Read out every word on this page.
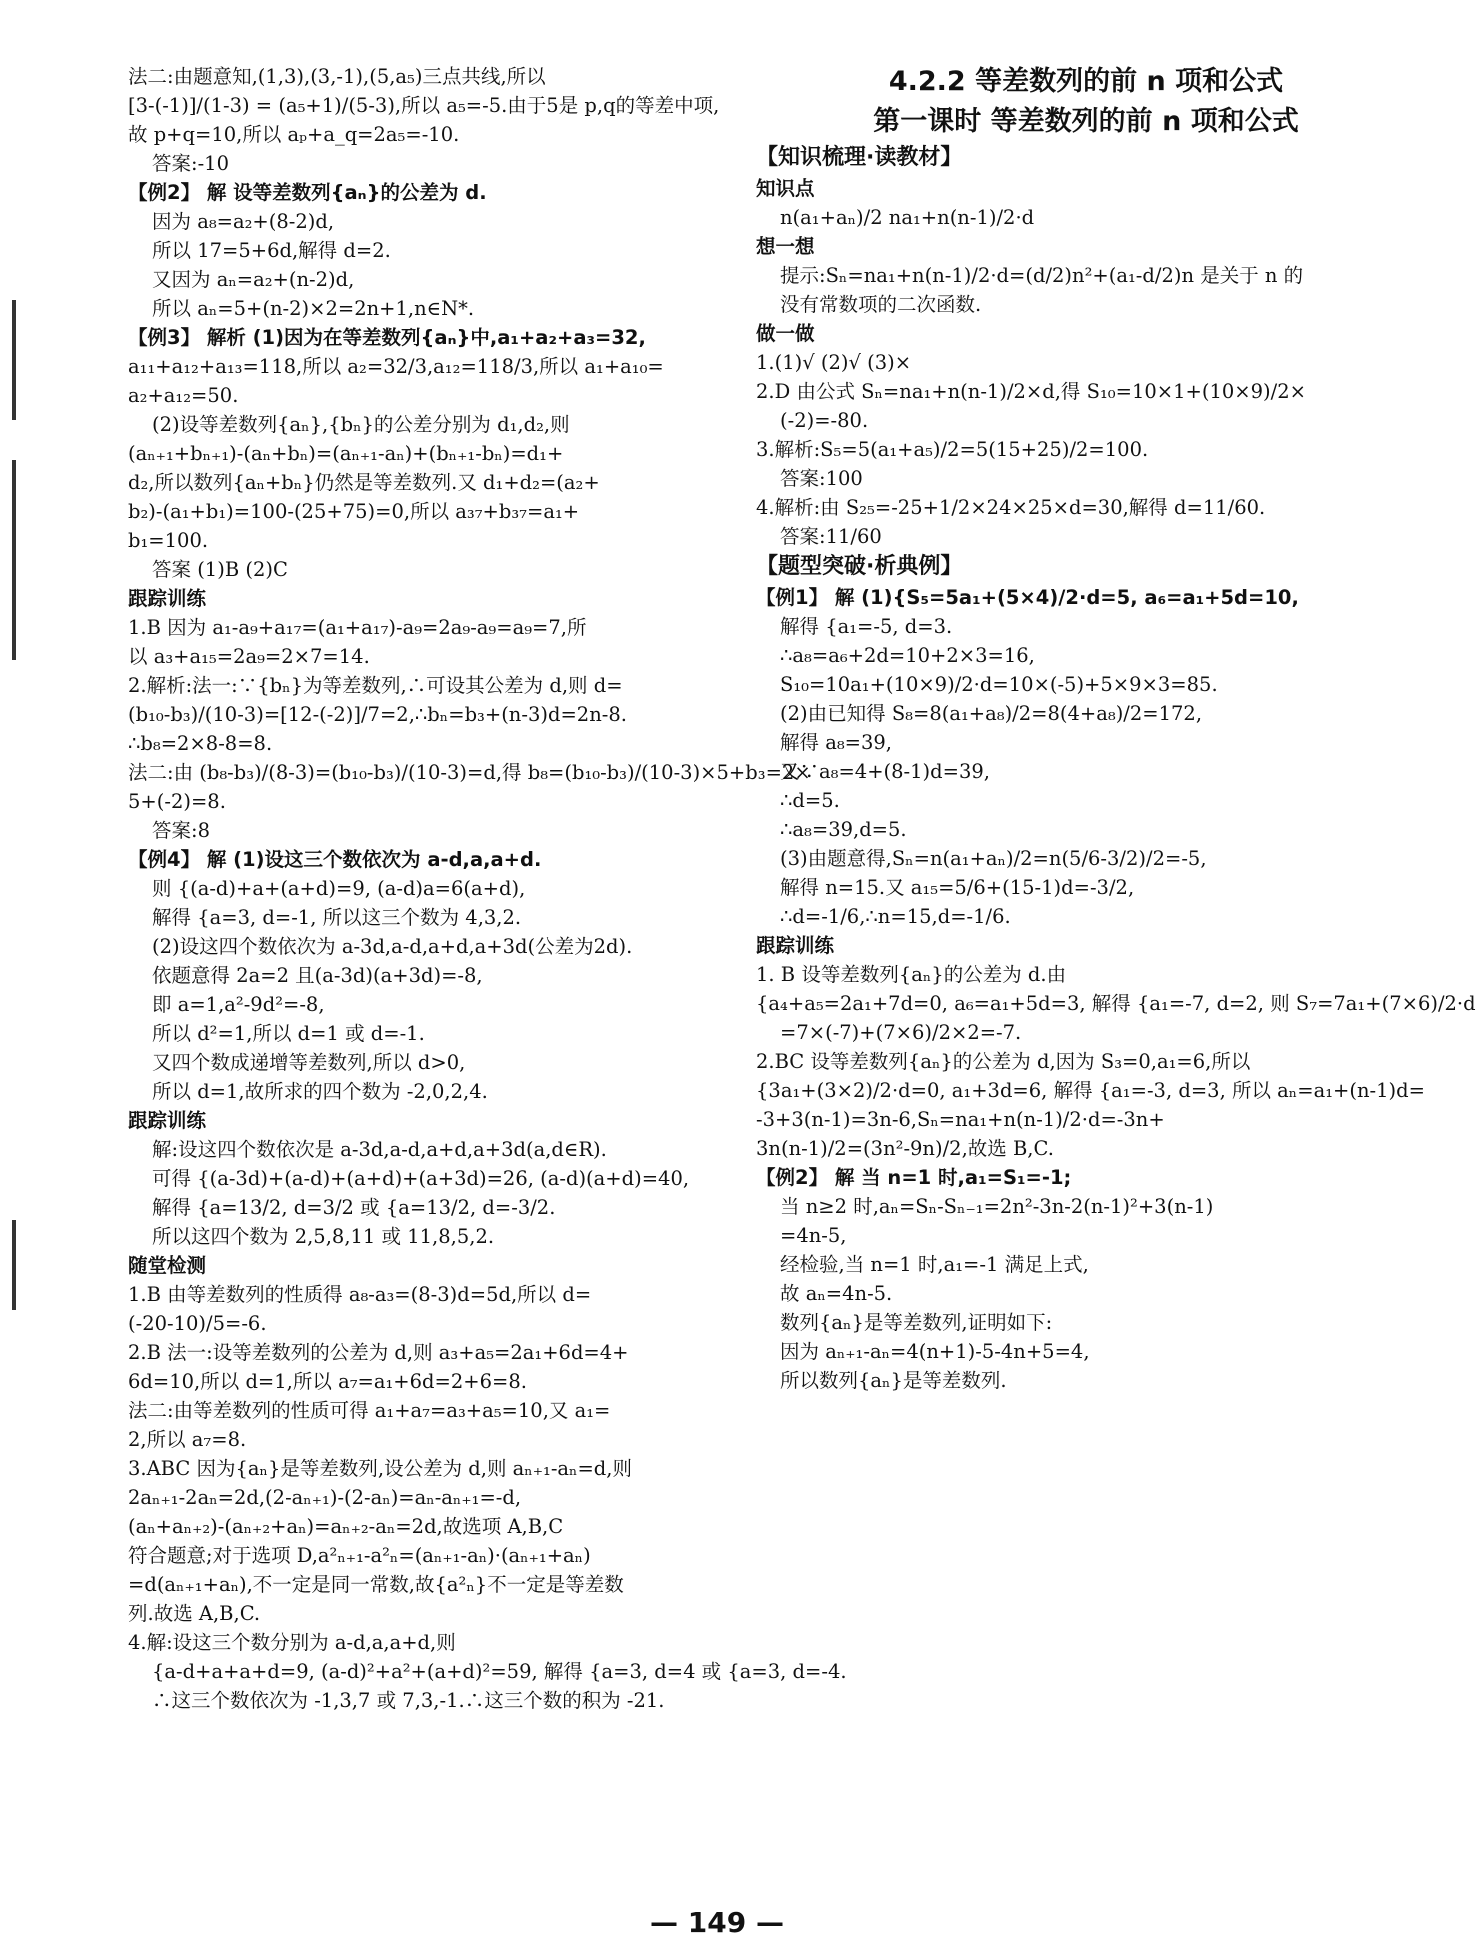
法二:由题意知,(1,3),(3,-1),(5,a₅)三点共线,所以
[3-(-1)]/(1-3) = (a₅+1)/(5-3),所以 a₅=-5.由于5是 p,q的等差中项,
故 p+q=10,所以 aₚ+a_q=2a₅=-10.
答案:-10
【例2】 解 设等差数列{aₙ}的公差为 d.
因为 a₈=a₂+(8-2)d,
所以 17=5+6d,解得 d=2.
又因为 aₙ=a₂+(n-2)d,
所以 aₙ=5+(n-2)×2=2n+1,n∈N*.
【例3】 解析 (1)因为在等差数列{aₙ}中,a₁+a₂+a₃=32,
a₁₁+a₁₂+a₁₃=118,所以 a₂=32/3,a₁₂=118/3,所以 a₁+a₁₀=
a₂+a₁₂=50.
(2)设等差数列{aₙ},{bₙ}的公差分别为 d₁,d₂,则
(aₙ₊₁+bₙ₊₁)-(aₙ+bₙ)=(aₙ₊₁-aₙ)+(bₙ₊₁-bₙ)=d₁+
d₂,所以数列{aₙ+bₙ}仍然是等差数列.又 d₁+d₂=(a₂+
b₂)-(a₁+b₁)=100-(25+75)=0,所以 a₃₇+b₃₇=a₁+
b₁=100.
答案 (1)B (2)C
跟踪训练
1.B 因为 a₁-a₉+a₁₇=(a₁+a₁₇)-a₉=2a₉-a₉=a₉=7,所
以 a₃+a₁₅=2a₉=2×7=14.
2.解析:法一:∵{bₙ}为等差数列,∴可设其公差为 d,则 d=
(b₁₀-b₃)/(10-3)=[12-(-2)]/7=2,∴bₙ=b₃+(n-3)d=2n-8.
∴b₈=2×8-8=8.
法二:由 (b₈-b₃)/(8-3)=(b₁₀-b₃)/(10-3)=d,得 b₈=(b₁₀-b₃)/(10-3)×5+b₃=2×
5+(-2)=8.
答案:8
【例4】 解 (1)设这三个数依次为 a-d,a,a+d.
则 {(a-d)+a+(a+d)=9, (a-d)a=6(a+d),
解得 {a=3, d=-1, 所以这三个数为 4,3,2.
(2)设这四个数依次为 a-3d,a-d,a+d,a+3d(公差为2d).
依题意得 2a=2 且(a-3d)(a+3d)=-8,
即 a=1,a²-9d²=-8,
所以 d²=1,所以 d=1 或 d=-1.
又四个数成递增等差数列,所以 d>0,
所以 d=1,故所求的四个数为 -2,0,2,4.
跟踪训练
解:设这四个数依次是 a-3d,a-d,a+d,a+3d(a,d∈R).
可得 {(a-3d)+(a-d)+(a+d)+(a+3d)=26, (a-d)(a+d)=40,
解得 {a=13/2, d=3/2 或 {a=13/2, d=-3/2.
所以这四个数为 2,5,8,11 或 11,8,5,2.
随堂检测
1.B 由等差数列的性质得 a₈-a₃=(8-3)d=5d,所以 d=
(-20-10)/5=-6.
2.B 法一:设等差数列的公差为 d,则 a₃+a₅=2a₁+6d=4+
6d=10,所以 d=1,所以 a₇=a₁+6d=2+6=8.
法二:由等差数列的性质可得 a₁+a₇=a₃+a₅=10,又 a₁=
2,所以 a₇=8.
3.ABC 因为{aₙ}是等差数列,设公差为 d,则 aₙ₊₁-aₙ=d,则
2aₙ₊₁-2aₙ=2d,(2-aₙ₊₁)-(2-aₙ)=aₙ-aₙ₊₁=-d,
(aₙ+aₙ₊₂)-(aₙ₊₂+aₙ)=aₙ₊₂-aₙ=2d,故选项 A,B,C
符合题意;对于选项 D,a²ₙ₊₁-a²ₙ=(aₙ₊₁-aₙ)·(aₙ₊₁+aₙ)
=d(aₙ₊₁+aₙ),不一定是同一常数,故{a²ₙ}不一定是等差数
列.故选 A,B,C.
4.解:设这三个数分别为 a-d,a,a+d,则
{a-d+a+a+d=9, (a-d)²+a²+(a+d)²=59, 解得 {a=3, d=4 或 {a=3, d=-4.
∴这三个数依次为 -1,3,7 或 7,3,-1.∴这三个数的积为 -21.
4.2.2 等差数列的前 n 项和公式
第一课时 等差数列的前 n 项和公式
【知识梳理·读教材】
知识点
n(a₁+aₙ)/2 na₁+n(n-1)/2·d
想一想
提示:Sₙ=na₁+n(n-1)/2·d=(d/2)n²+(a₁-d/2)n 是关于 n 的
没有常数项的二次函数.
做一做
1.(1)√ (2)√ (3)×
2.D 由公式 Sₙ=na₁+n(n-1)/2×d,得 S₁₀=10×1+(10×9)/2×
(-2)=-80.
3.解析:S₅=5(a₁+a₅)/2=5(15+25)/2=100.
答案:100
4.解析:由 S₂₅=-25+1/2×24×25×d=30,解得 d=11/60.
答案:11/60
【题型突破·析典例】
【例1】 解 (1){S₅=5a₁+(5×4)/2·d=5, a₆=a₁+5d=10,
解得 {a₁=-5, d=3.
∴a₈=a₆+2d=10+2×3=16,
S₁₀=10a₁+(10×9)/2·d=10×(-5)+5×9×3=85.
(2)由已知得 S₈=8(a₁+a₈)/2=8(4+a₈)/2=172,
解得 a₈=39,
又∵a₈=4+(8-1)d=39,
∴d=5.
∴a₈=39,d=5.
(3)由题意得,Sₙ=n(a₁+aₙ)/2=n(5/6-3/2)/2=-5,
解得 n=15.又 a₁₅=5/6+(15-1)d=-3/2,
∴d=-1/6,∴n=15,d=-1/6.
跟踪训练
1. B 设等差数列{aₙ}的公差为 d.由
{a₄+a₅=2a₁+7d=0, a₆=a₁+5d=3, 解得 {a₁=-7, d=2, 则 S₇=7a₁+(7×6)/2·d
=7×(-7)+(7×6)/2×2=-7.
2.BC 设等差数列{aₙ}的公差为 d,因为 S₃=0,a₁=6,所以
{3a₁+(3×2)/2·d=0, a₁+3d=6, 解得 {a₁=-3, d=3, 所以 aₙ=a₁+(n-1)d=
-3+3(n-1)=3n-6,Sₙ=na₁+n(n-1)/2·d=-3n+
3n(n-1)/2=(3n²-9n)/2,故选 B,C.
【例2】 解 当 n=1 时,a₁=S₁=-1;
当 n≥2 时,aₙ=Sₙ-Sₙ₋₁=2n²-3n-2(n-1)²+3(n-1)
=4n-5,
经检验,当 n=1 时,a₁=-1 满足上式,
故 aₙ=4n-5.
数列{aₙ}是等差数列,证明如下:
因为 aₙ₊₁-aₙ=4(n+1)-5-4n+5=4,
所以数列{aₙ}是等差数列.
— 149 —
